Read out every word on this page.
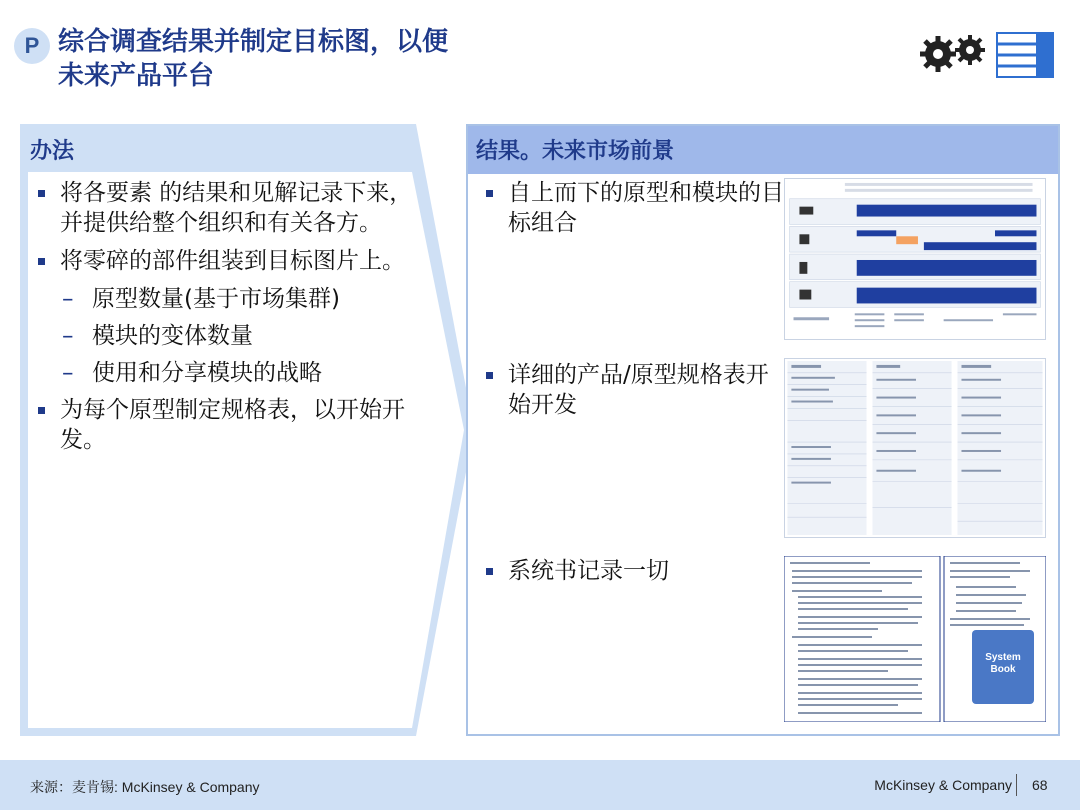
P 综合调查结果并制定目标图，以便
未来产品平台
办法
将各要素 的结果和见解记录下来， 并提供给整个组织和有关各方。
将零碎的部件组装到目标图片上。
– 原型数量(基于市场集群)
– 模块的变体数量
– 使用和分享模块的战略
为每个原型制定规格表，以开始开发。
结果。未来市场前景
自上而下的原型和模块的目标组合
详细的产品/原型规格表开始开发
系统书记录一切
System Book
来源：麦肯锡: McKinsey & Company	McKinsey & Company 68
